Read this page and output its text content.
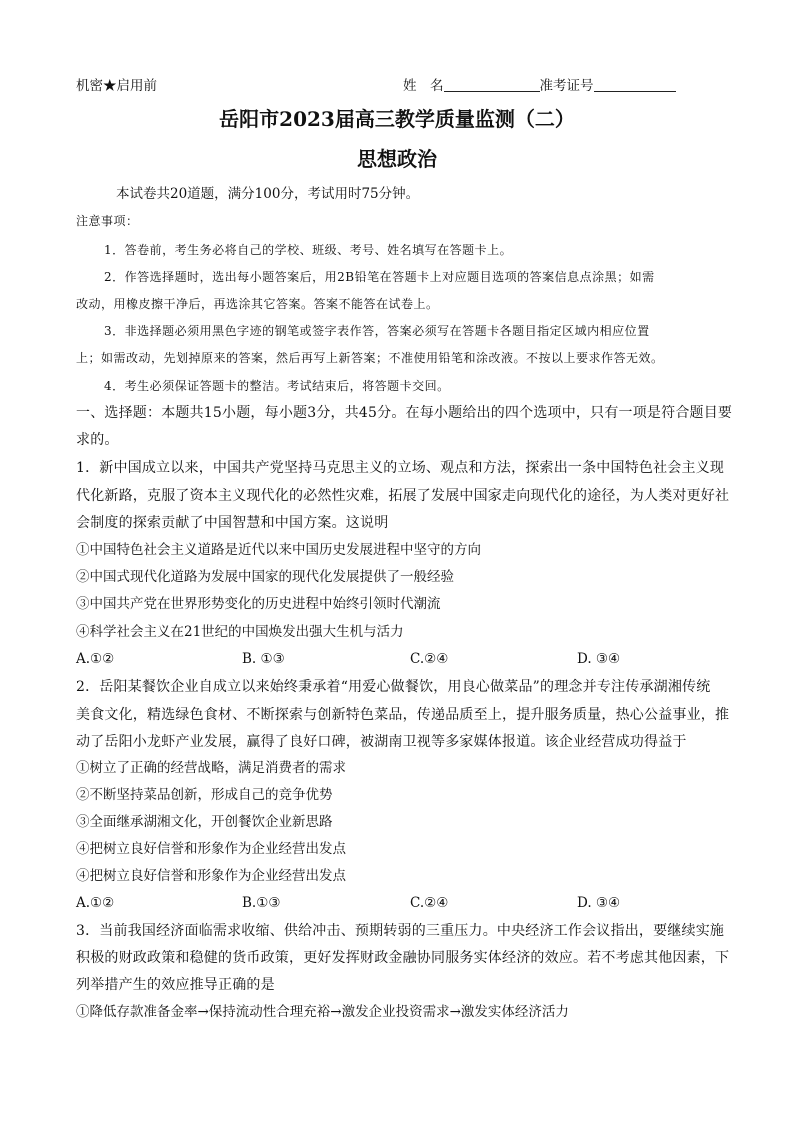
机密★启用前	姓　名	准考证号
岳阳市2023届高三教学质量监测（二）
思想政治
本试卷共20道题，满分100分，考试用时75分钟。
注意事项：
1．答卷前，考生务必将自己的学校、班级、考号、姓名填写在答题卡上。
2．作答选择题时，选出每小题答案后，用2B铅笔在答题卡上对应题目选项的答案信息点涂黑；如需
改动，用橡皮擦干净后，再选涂其它答案。答案不能答在试卷上。
3．非选择题必须用黑色字迹的钢笔或签字表作答，答案必须写在答题卡各题目指定区域内相应位置
上；如需改动，先划掉原来的答案，然后再写上新答案；不准使用铅笔和涂改液。不按以上要求作答无效。
4．考生必须保证答题卡的整洁。考试结束后，将答题卡交回。
一、选择题：本题共15小题，每小题3分，共45分。在每小题给出的四个选项中，只有一项是符合题目要
求的。
1．新中国成立以来，中国共产党坚持马克思主义的立场、观点和方法，探索出一条中国特色社会主义现
代化新路，克服了资本主义现代化的必然性灾难，拓展了发展中国家走向现代化的途径，为人类对更好社
会制度的探索贡献了中国智慧和中国方案。这说明
①中国特色社会主义道路是近代以来中国历史发展进程中坚守的方向
②中国式现代化道路为发展中国家的现代化发展提供了一般经验
③中国共产党在世界形势变化的历史进程中始终引领时代潮流
④科学社会主义在21世纪的中国焕发出强大生机与活力
A.①②	B. ①③	C.②④	D. ③④
2．岳阳某餐饮企业自成立以来始终秉承着“用爱心做餐饮，用良心做菜品”的理念并专注传承湖湘传统
美食文化，精选绿色食材、不断探索与创新特色菜品，传递品质至上，提升服务质量，热心公益事业，推
动了岳阳小龙虾产业发展，赢得了良好口碑，被湖南卫视等多家媒体报道。该企业经营成功得益于
①树立了正确的经营战略，满足消费者的需求
②不断坚持菜品创新，形成自己的竞争优势
③全面继承湖湘文化，开创餐饮企业新思路
④把树立良好信誉和形象作为企业经营出发点
④把树立良好信誉和形象作为企业经营出发点
A.①②	B.①③	C.②④	D. ③④
3．当前我国经济面临需求收缩、供给冲击、预期转弱的三重压力。中央经济工作会议指出，要继续实施
积极的财政政策和稳健的货币政策，更好发挥财政金融协同服务实体经济的效应。若不考虑其他因素，下
列举措产生的效应推导正确的是
①降低存款准备金率→保持流动性合理充裕→激发企业投资需求→激发实体经济活力
